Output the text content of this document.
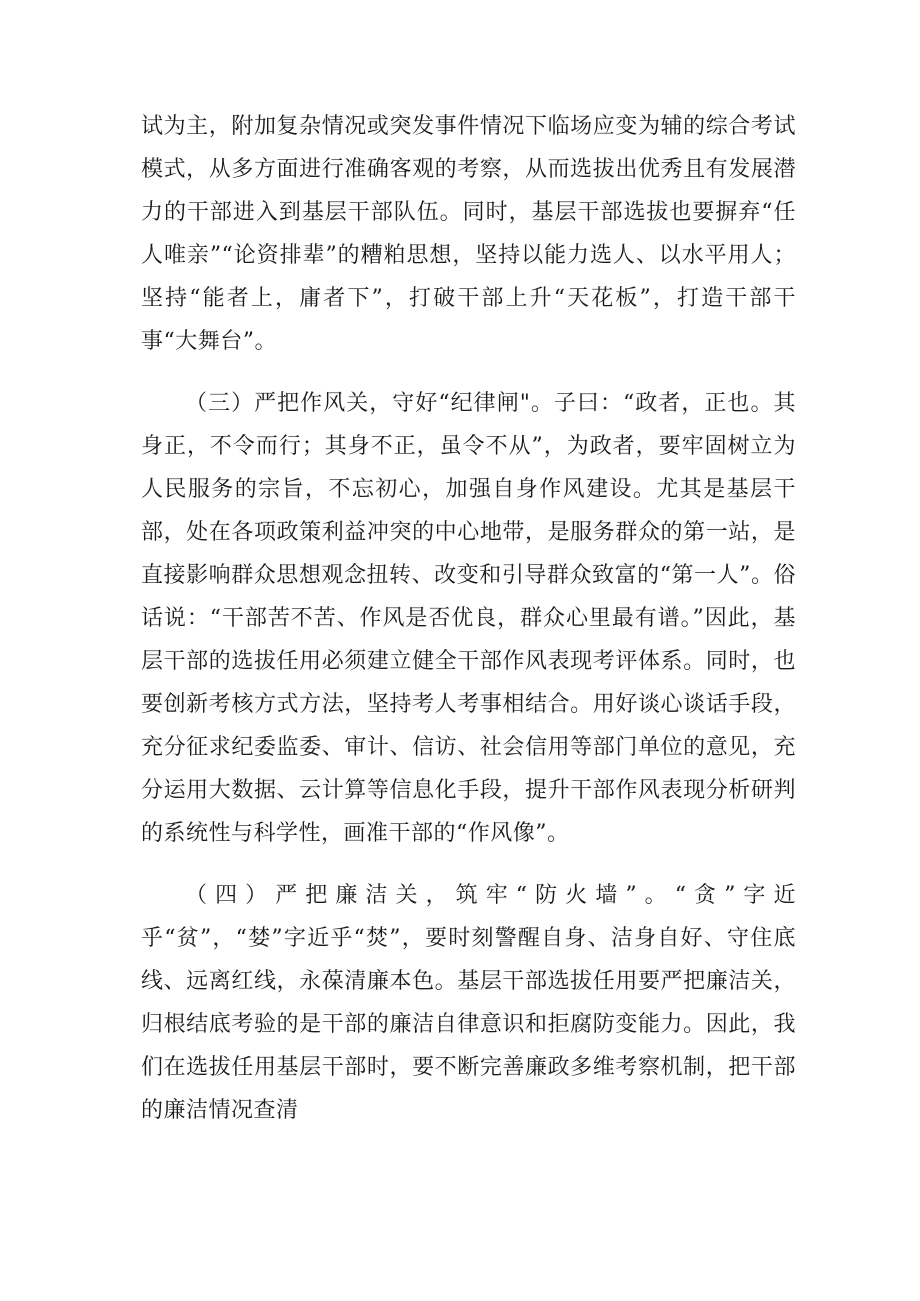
试为主，附加复杂情况或突发事件情况下临场应变为辅的综合考试模式，从多方面进行准确客观的考察，从而选拔出优秀且有发展潜力的干部进入到基层干部队伍。同时，基层干部选拔也要摒弃“任人唯亲”“论资排辈”的糟粕思想，坚持以能力选人、以水平用人；坚持“能者上，庸者下”，打破干部上升“天花板”，打造干部干事“大舞台”。

（三）严把作风关，守好“纪律闸"。子曰：“政者，正也。其身正，不令而行；其身不正，虽令不从”，为政者，要牢固树立为人民服务的宗旨，不忘初心，加强自身作风建设。尤其是基层干部，处在各项政策利益冲突的中心地带，是服务群众的第一站，是直接影响群众思想观念扭转、改变和引导群众致富的“第一人”。俗话说：“干部苦不苦、作风是否优良，群众心里最有谱。”因此，基层干部的选拔任用必须建立健全干部作风表现考评体系。同时，也要创新考核方式方法，坚持考人考事相结合。用好谈心谈话手段，充分征求纪委监委、审计、信访、社会信用等部门单位的意见，充分运用大数据、云计算等信息化手段，提升干部作风表现分析研判的系统性与科学性，画准干部的“作风像”。

（四）严把廉洁关，筑牢“防火墙”。“贪”字近乎“贫”，“婪”字近乎“焚”，要时刻警醒自身、洁身自好、守住底线、远离红线，永葆清廉本色。基层干部选拔任用要严把廉洁关，归根结底考验的是干部的廉洁自律意识和拒腐防变能力。因此，我们在选拔任用基层干部时，要不断完善廉政多维考察机制，把干部的廉洁情况查清
